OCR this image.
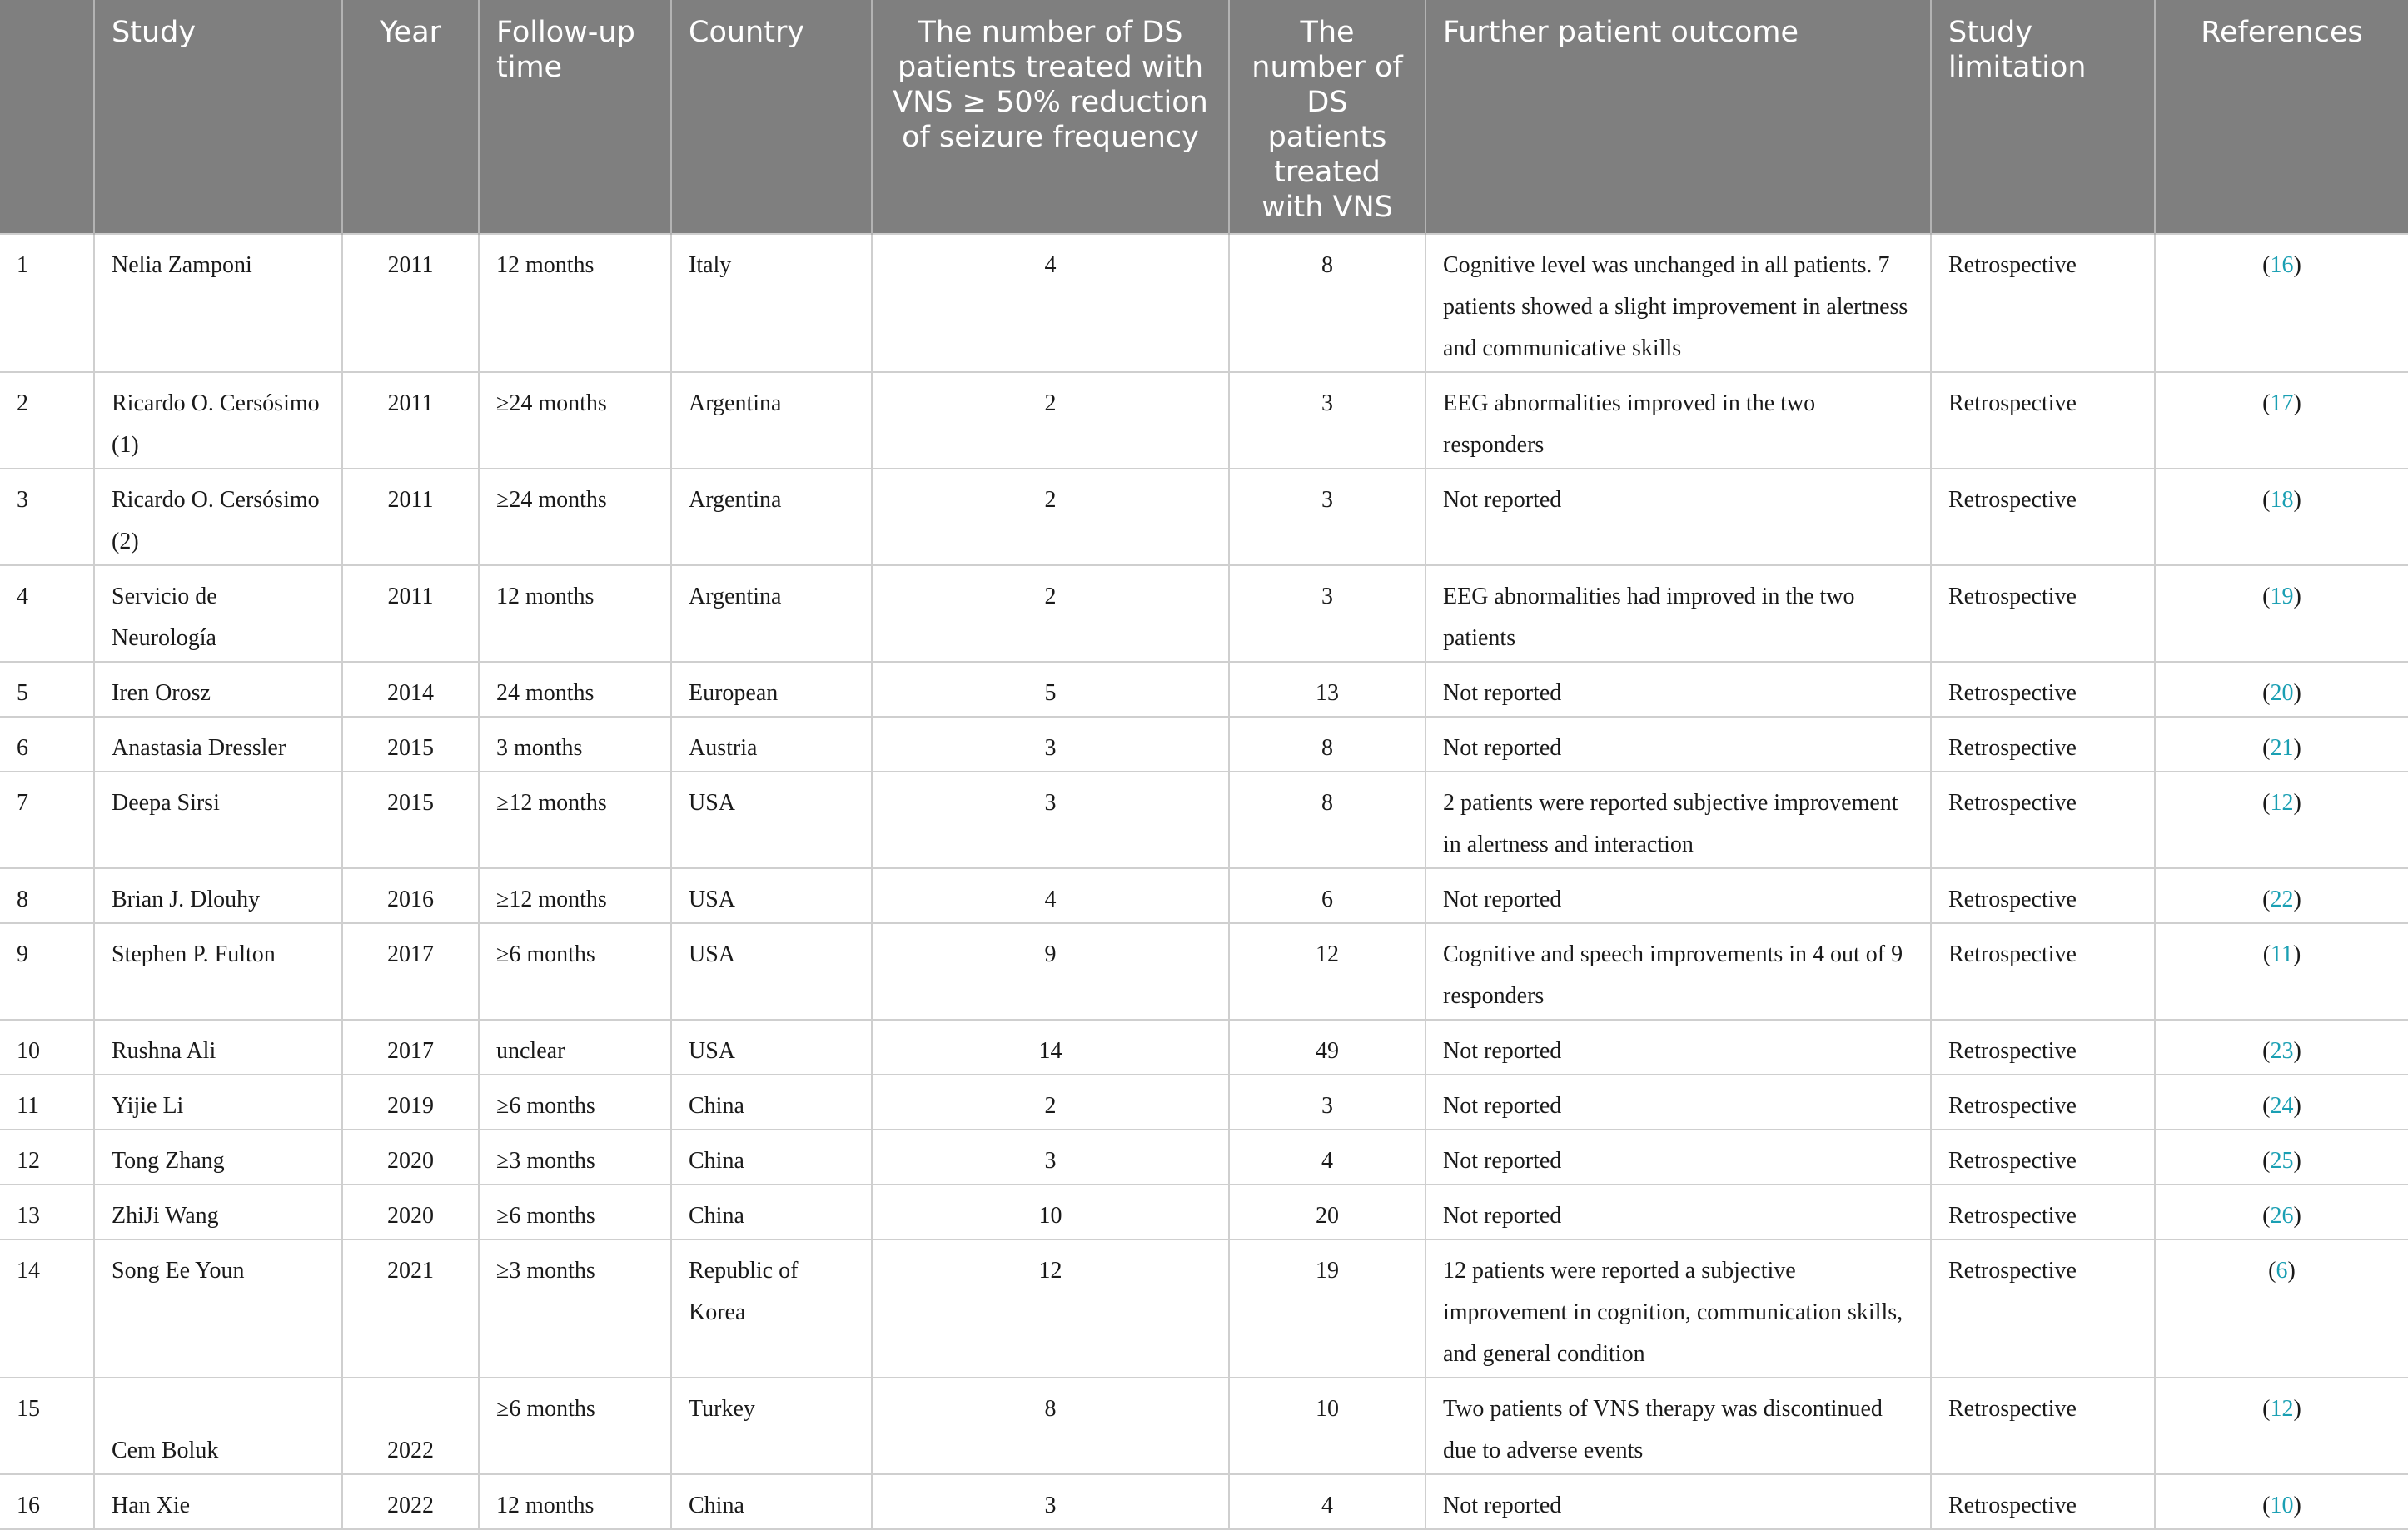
	Study	Year	Follow-up time	Country	The number of DS patients treated with VNS ≥ 50% reduction of seizure frequency	The number of DS patients treated with VNS	Further patient outcome	Study limitation	References
1	Nelia Zamponi	2011	12 months	Italy	4	8	Cognitive level was unchanged in all patients. 7 patients showed a slight improvement in alertness and communicative skills	Retrospective	(16)
2	Ricardo O. Cersósimo (1)	2011	≥24 months	Argentina	2	3	EEG abnormalities improved in the two responders	Retrospective	(17)
3	Ricardo O. Cersósimo (2)	2011	≥24 months	Argentina	2	3	Not reported	Retrospective	(18)
4	Servicio de Neurología	2011	12 months	Argentina	2	3	EEG abnormalities had improved in the two patients	Retrospective	(19)
5	Iren Orosz	2014	24 months	European	5	13	Not reported	Retrospective	(20)
6	Anastasia Dressler	2015	3 months	Austria	3	8	Not reported	Retrospective	(21)
7	Deepa Sirsi	2015	≥12 months	USA	3	8	2 patients were reported subjective improvement in alertness and interaction	Retrospective	(12)
8	Brian J. Dlouhy	2016	≥12 months	USA	4	6	Not reported	Retrospective	(22)
9	Stephen P. Fulton	2017	≥6 months	USA	9	12	Cognitive and speech improvements in 4 out of 9 responders	Retrospective	(11)
10	Rushna Ali	2017	unclear	USA	14	49	Not reported	Retrospective	(23)
11	Yijie Li	2019	≥6 months	China	2	3	Not reported	Retrospective	(24)
12	Tong Zhang	2020	≥3 months	China	3	4	Not reported	Retrospective	(25)
13	ZhiJi Wang	2020	≥6 months	China	10	20	Not reported	Retrospective	(26)
14	Song Ee Youn	2021	≥3 months	Republic of Korea	12	19	12 patients were reported a subjective improvement in cognition, communication skills, and general condition	Retrospective	(6)
15	Cem Boluk	2022	≥6 months	Turkey	8	10	Two patients of VNS therapy was discontinued due to adverse events	Retrospective	(12)
16	Han Xie	2022	12 months	China	3	4	Not reported	Retrospective	(10)
